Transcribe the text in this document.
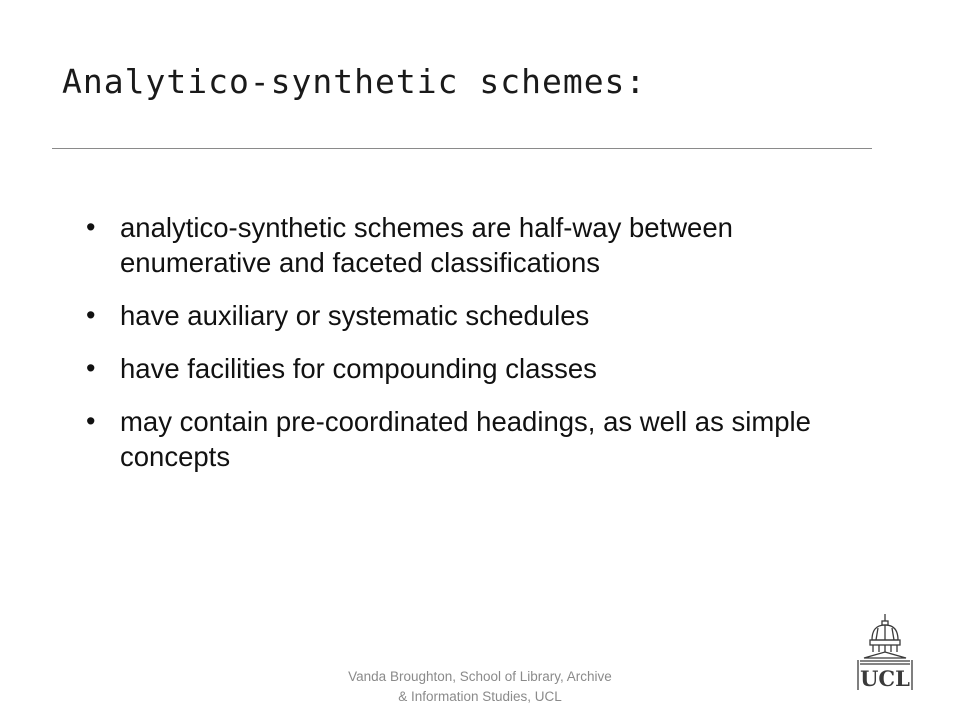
Analytico-synthetic schemes:
• analytico-synthetic schemes are half-way between enumerative and faceted classifications
• have auxiliary or systematic schedules
• have facilities for compounding classes
• may contain pre-coordinated headings, as well as simple concepts
Vanda Broughton, School of Library, Archive
& Information Studies, UCL
UCL
